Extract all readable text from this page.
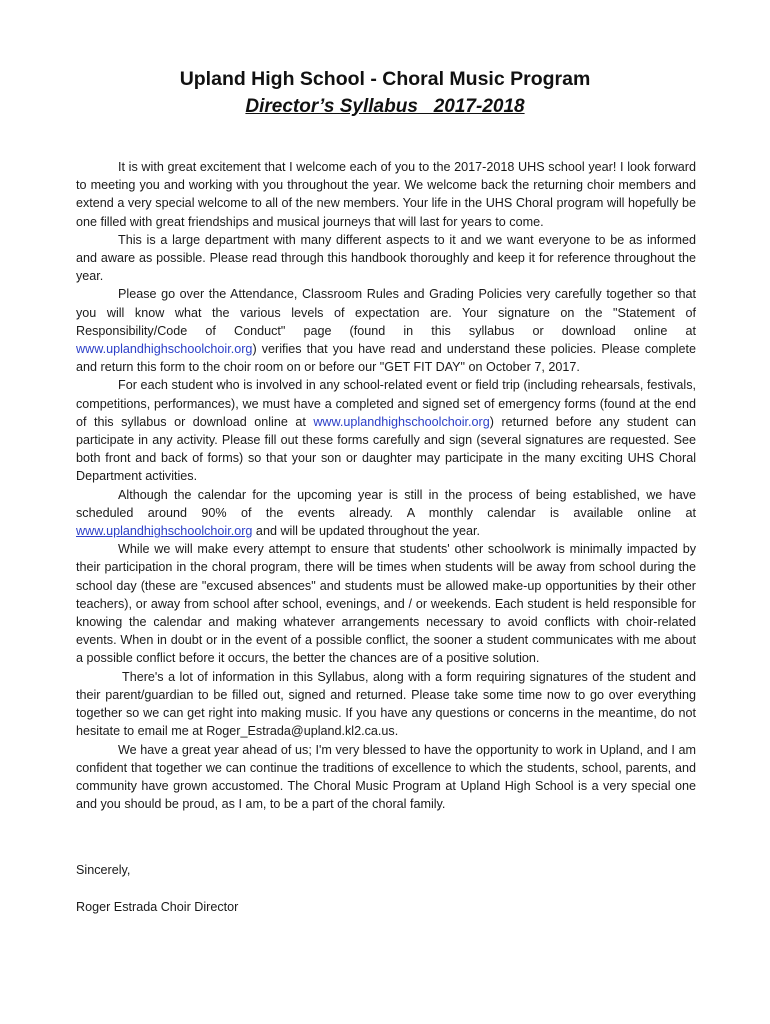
Upland High School - Choral Music Program
Director’s Syllabus   2017-2018

It is with great excitement that I welcome each of you to the 2017-2018 UHS school year! I look forward to meeting you and working with you throughout the year. We welcome back the returning choir members and extend a very special welcome to all of the new members. Your life in the UHS Choral program will hopefully be one filled with great friendships and musical journeys that will last for years to come.

This is a large department with many different aspects to it and we want everyone to be as informed and aware as possible. Please read through this handbook thoroughly and keep it for reference throughout the year.

Please go over the Attendance, Classroom Rules and Grading Policies very carefully together so that you will know what the various levels of expectation are. Your signature on the "Statement of Responsibility/Code of Conduct" page (found in this syllabus or download online at www.uplandhighschoolchoir.org) verifies that you have read and understand these policies. Please complete and return this form to the choir room on or before our "GET FIT DAY" on October 7, 2017.

For each student who is involved in any school-related event or field trip (including rehearsals, festivals, competitions, performances), we must have a completed and signed set of emergency forms (found at the end of this syllabus or download online at www.uplandhighschoolchoir.org) returned before any student can participate in any activity. Please fill out these forms carefully and sign (several signatures are requested. See both front and back of forms) so that your son or daughter may participate in the many exciting UHS Choral Department activities.

Although the calendar for the upcoming year is still in the process of being established, we have scheduled around 90% of the events already. A monthly calendar is available online at www.uplandhighschoolchoir.org and will be updated throughout the year.

While we will make every attempt to ensure that students' other schoolwork is minimally impacted by their participation in the choral program, there will be times when students will be away from school during the school day (these are "excused absences" and students must be allowed make-up opportunities by their other teachers), or away from school after school, evenings, and / or weekends. Each student is held responsible for knowing the calendar and making whatever arrangements necessary to avoid conflicts with choir-related events. When in doubt or in the event of a possible conflict, the sooner a student communicates with me about a possible conflict before it occurs, the better the chances are of a positive solution.

There's a lot of information in this Syllabus, along with a form requiring signatures of the student and their parent/guardian to be filled out, signed and returned. Please take some time now to go over everything together so we can get right into making music. If you have any questions or concerns in the meantime, do not hesitate to email me at Roger_Estrada@upland.kl2.ca.us.

We have a great year ahead of us; I'm very blessed to have the opportunity to work in Upland, and I am confident that together we can continue the traditions of excellence to which the students, school, parents, and community have grown accustomed. The Choral Music Program at Upland High School is a very special one and you should be proud, as I am, to be a part of the choral family.

Sincerely,
Roger Estrada Choir Director
